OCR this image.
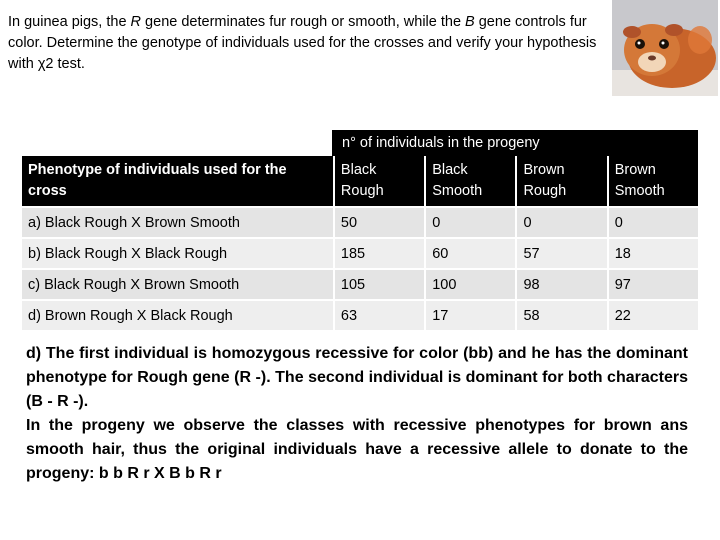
In guinea pigs, the R gene determinates fur rough or smooth, while the B gene controls fur color. Determine the genotype of individuals used for the crosses and verify your hypothesis with χ2 test.

n° of individuals in the progeny
Phenotype of individuals used for the cross	Black Rough	Black Smooth	Brown Rough	Brown Smooth
a) Black Rough X Brown Smooth	50	0	0	0
b) Black Rough X Black Rough	185	60	57	18
c) Black Rough X Brown Smooth	105	100	98	97
d) Brown Rough X Black Rough	63	17	58	22

d) The first individual is homozygous recessive for color (bb) and he has the dominant phenotype for Rough gene (R -). The second individual is dominant for both characters (B - R -).

In the progeny we observe the classes with recessive phenotypes for brown ans smooth hair, thus the original individuals have a recessive allele to donate to the progeny: b b R r X B b R r
